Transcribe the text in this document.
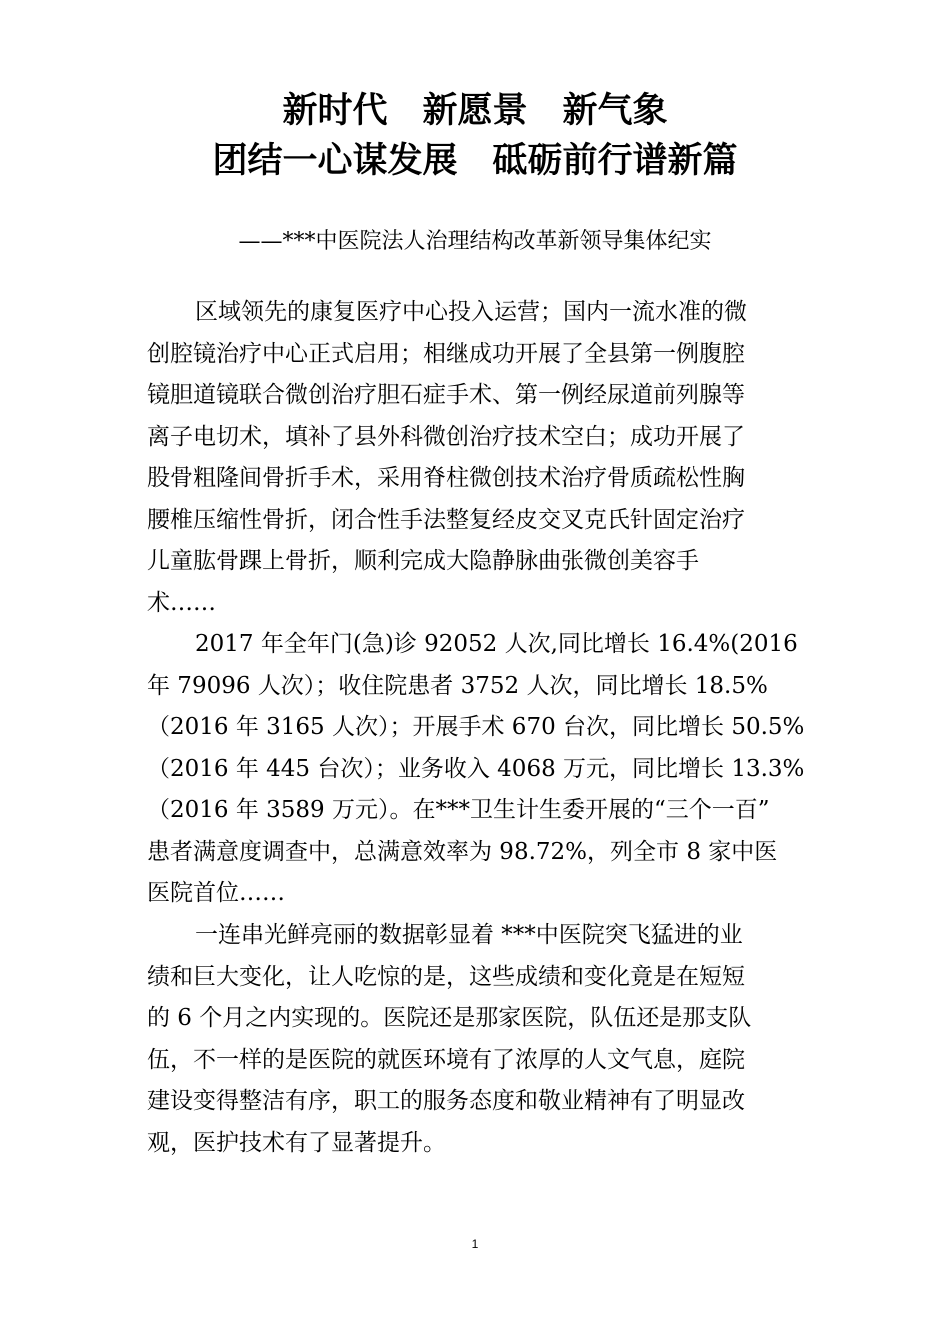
新时代　新愿景　新气象
团结一心谋发展　砥砺前行谱新篇
——***中医院法人治理结构改革新领导集体纪实
区域领先的康复医疗中心投入运营；国内一流水准的微
创腔镜治疗中心正式启用；相继成功开展了全县第一例腹腔
镜胆道镜联合微创治疗胆石症手术、第一例经尿道前列腺等
离子电切术，填补了县外科微创治疗技术空白；成功开展了
股骨粗隆间骨折手术，采用脊柱微创技术治疗骨质疏松性胸
腰椎压缩性骨折，闭合性手法整复经皮交叉克氏针固定治疗
儿童肱骨踝上骨折，顺利完成大隐静脉曲张微创美容手
术……
2017 年全年门(急)诊 92052 人次,同比增长 16.4%(2016
年 79096 人次）；收住院患者 3752 人次，同比增长 18.5%
（2016 年 3165 人次）；开展手术 670 台次，同比增长 50.5%
（2016 年 445 台次）；业务收入 4068 万元，同比增长 13.3%
（2016 年 3589 万元）。在***卫生计生委开展的“三个一百”
患者满意度调查中，总满意效率为 98.72%，列全市 8 家中医
医院首位……
一连串光鲜亮丽的数据彰显着 ***中医院突飞猛进的业
绩和巨大变化，让人吃惊的是，这些成绩和变化竟是在短短
的 6 个月之内实现的。医院还是那家医院，队伍还是那支队
伍，不一样的是医院的就医环境有了浓厚的人文气息，庭院
建设变得整洁有序，职工的服务态度和敬业精神有了明显改
观，医护技术有了显著提升。
1
